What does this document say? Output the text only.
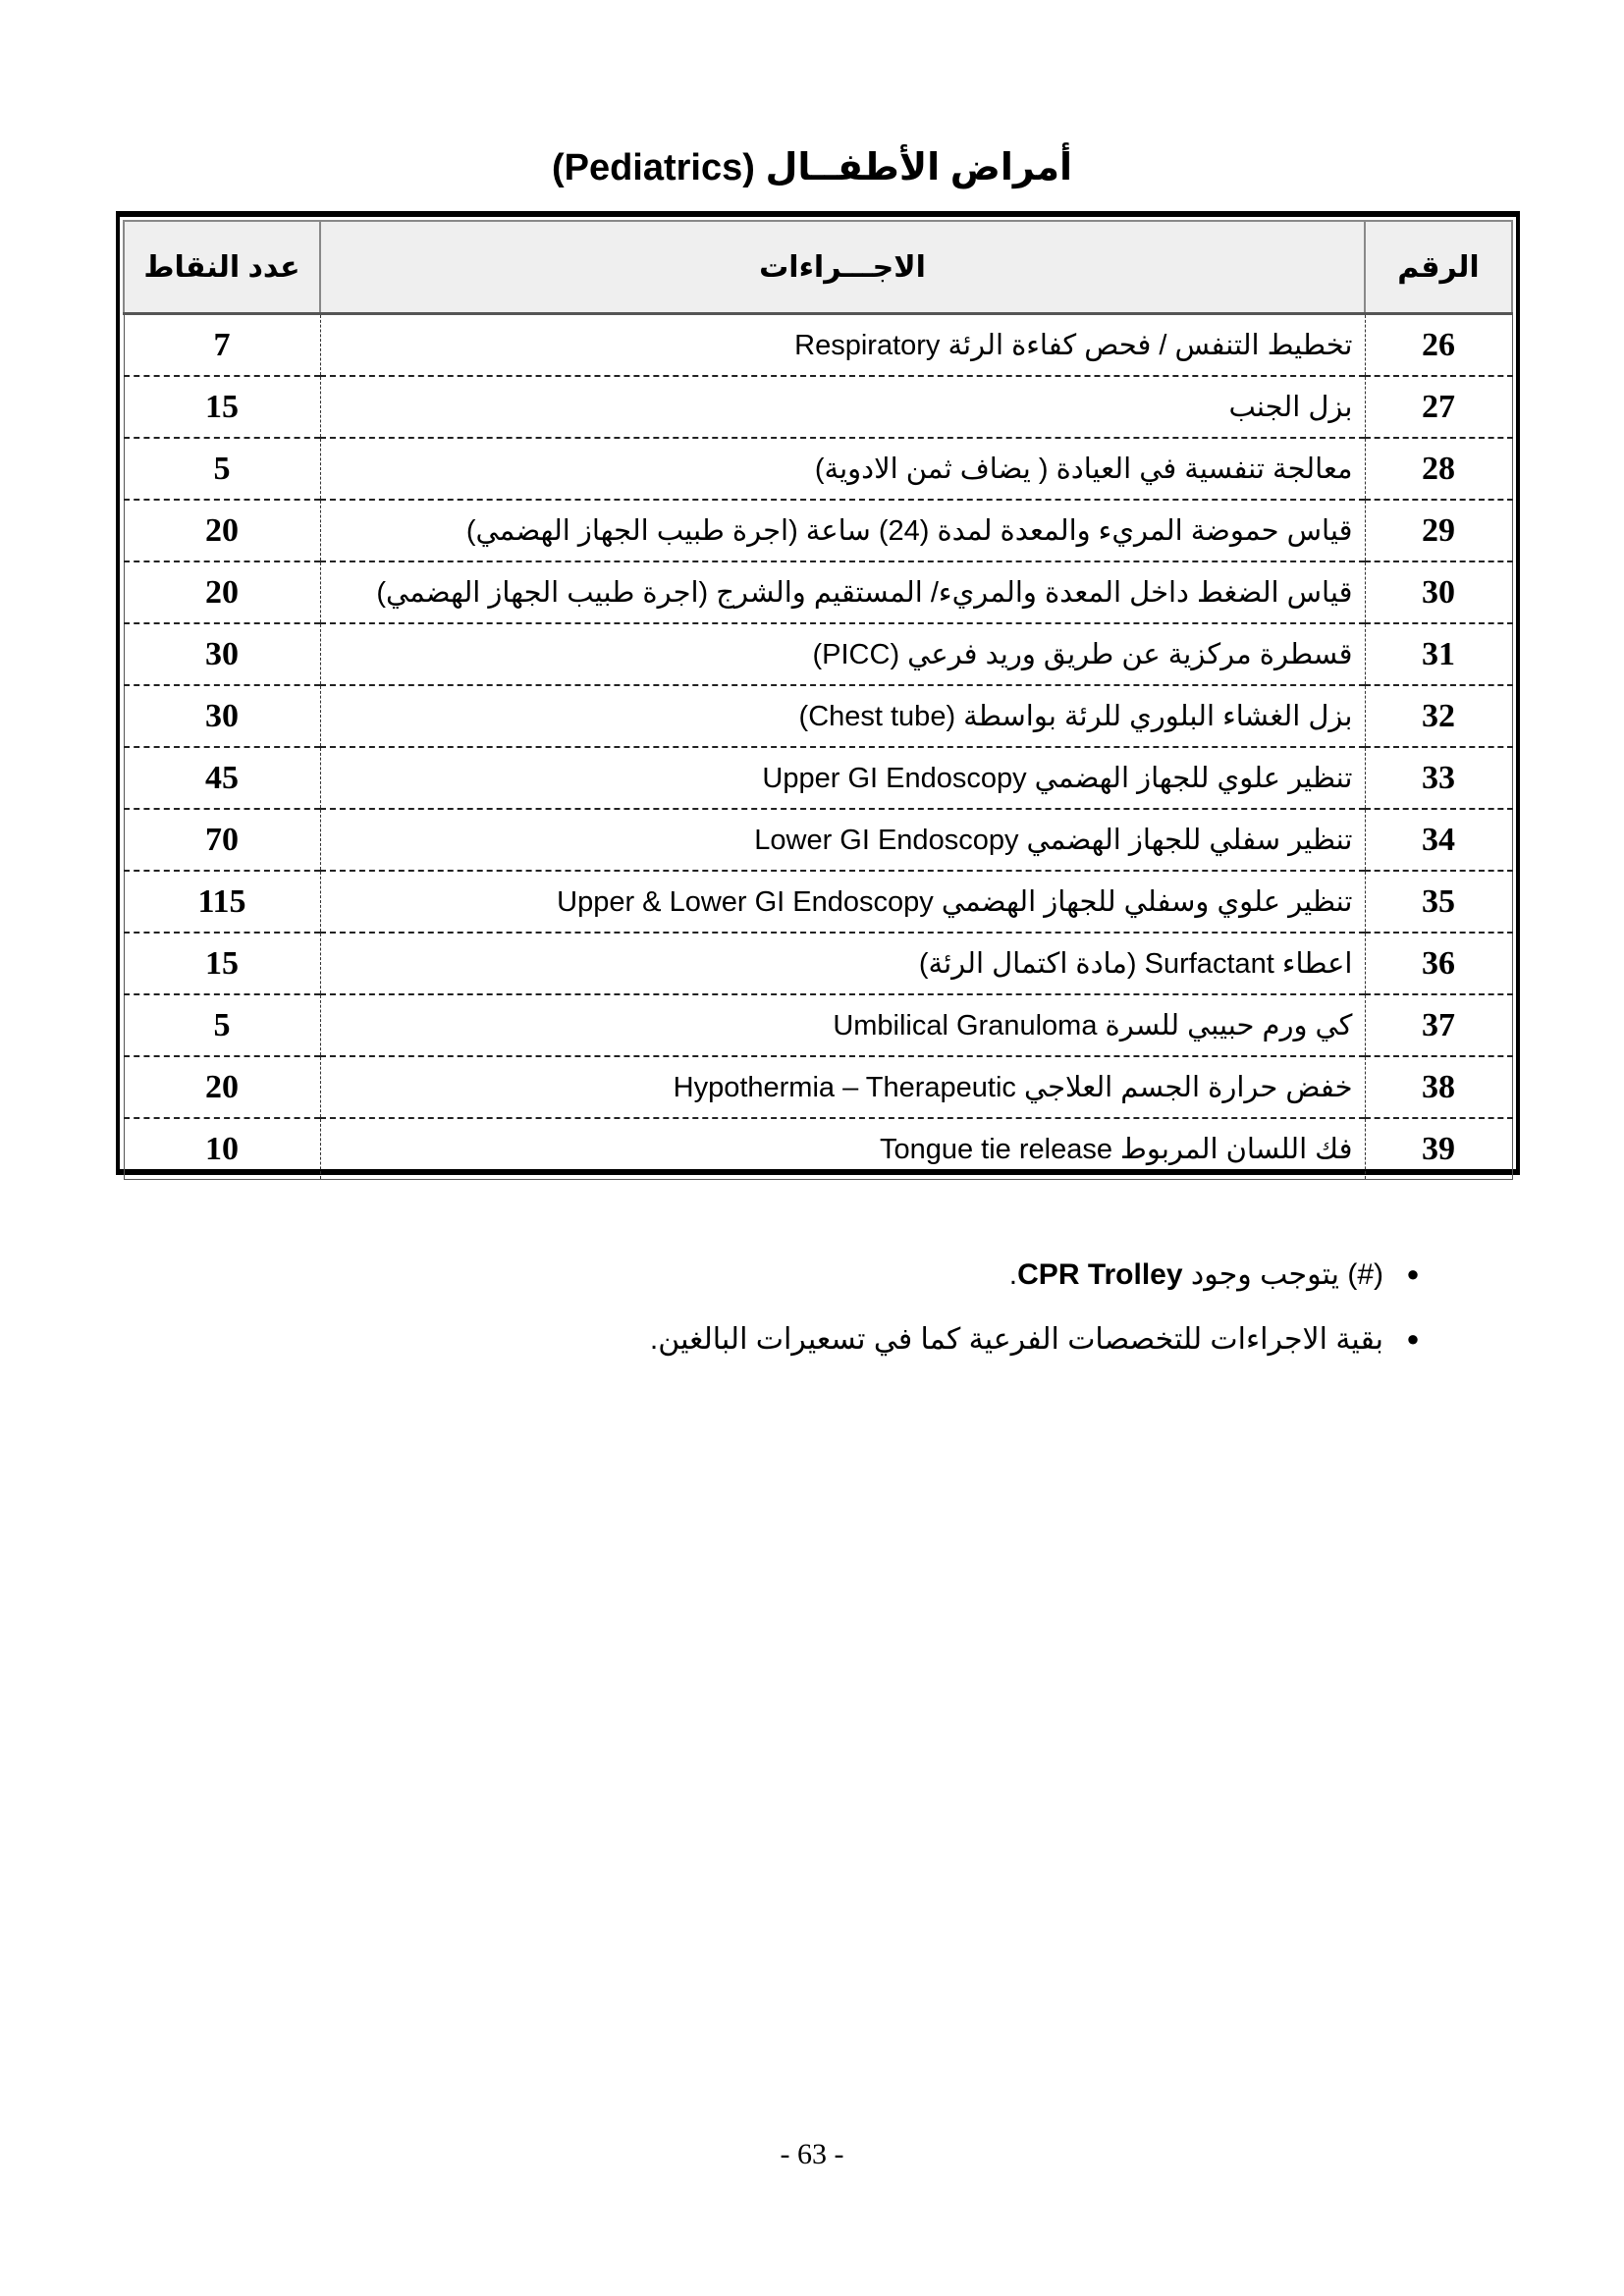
أمراض الأطفــال (Pediatrics)
الرقم	الاجـــراءات	عدد النقاط
26	تخطيط التنفس / فحص كفاءة الرئة Respiratory	7
27	بزل الجنب	15
28	معالجة تنفسية في العيادة ( يضاف ثمن الادوية)	5
29	قياس حموضة المريء والمعدة لمدة (24) ساعة (اجرة طبيب الجهاز الهضمي)	20
30	قياس الضغط داخل المعدة والمريء/ المستقيم والشرج (اجرة طبيب الجهاز الهضمي)	20
31	قسطرة مركزية عن طريق وريد فرعي (PICC)	30
32	بزل الغشاء البلوري للرئة بواسطة (Chest tube)	30
33	تنظير علوي للجهاز الهضمي Upper GI Endoscopy	45
34	تنظير سفلي للجهاز الهضمي Lower GI Endoscopy	70
35	تنظير علوي وسفلي للجهاز الهضمي Upper & Lower GI Endoscopy	115
36	اعطاء Surfactant (مادة اكتمال الرئة)	15
37	كي ورم حبيبي للسرة Umbilical Granuloma	5
38	خفض حرارة الجسم العلاجي Hypothermia – Therapeutic	20
39	فك اللسان المربوط Tongue tie release	10
●
(#) يتوجب وجود CPR Trolley.
●
بقية الاجراءات للتخصصات الفرعية كما في تسعيرات البالغين.
- 63 -
